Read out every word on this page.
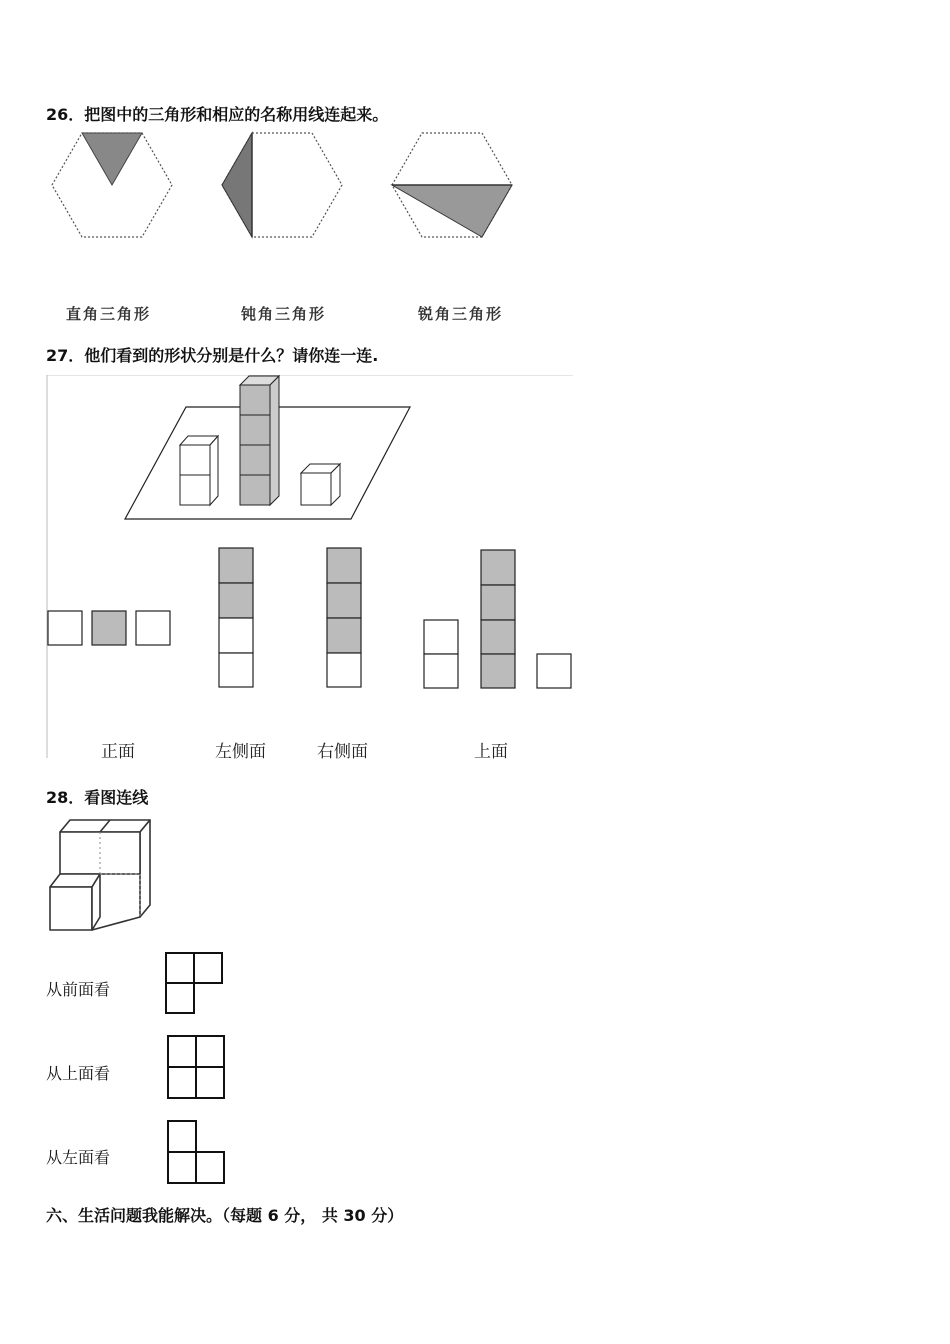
26．把图中的三角形和相应的名称用线连起来。
直角三角形	钝角三角形	锐角三角形
27．他们看到的形状分别是什么？请你连一连.
正面	左侧面	右侧面	上面
28．看图连线
从前面看
从上面看
从左面看
六、生活问题我能解决。（每题 6 分， 共 30 分）
